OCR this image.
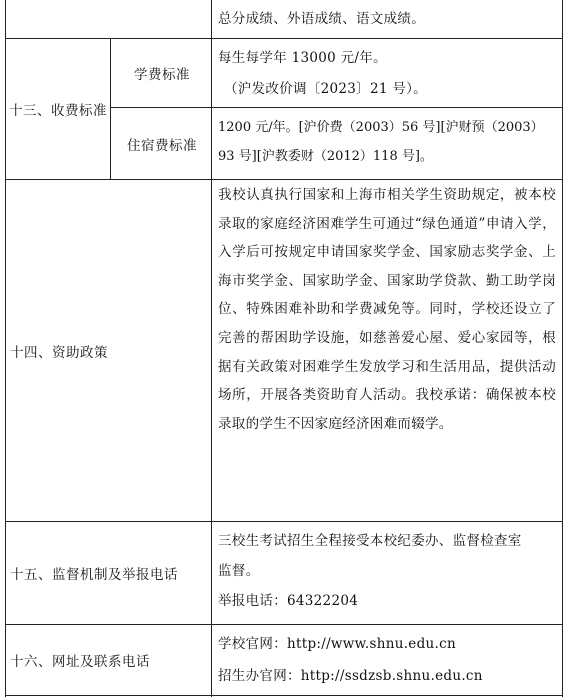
总分成绩、外语成绩、语文成绩。

十三、收费标准
学费标准

每生每学年 13000 元/年。

（沪发改价调〔2023〕21 号）。

住宿费标准

1200 元/年。[沪价费（2003）56 号][沪财预（2003）

93 号][沪教委财（2012）118 号]。

十四、资助政策

我校认真执行国家和上海市相关学生资助规定，被本校录取的家庭经济困难学生可通过“绿色通道”申请入学，入学后可按规定申请国家奖学金、国家励志奖学金、上海市奖学金、国家助学金、国家助学贷款、勤工助学岗位、特殊困难补助和学费减免等。同时，学校还设立了完善的帮困助学设施，如慈善爱心屋、爱心家园等，根据有关政策对困难学生发放学习和生活用品，提供活动场所，开展各类资助育人活动。我校承诺：确保被本校录取的学生不因家庭经济困难而辍学。

十五、监督机制及举报电话

三校生考试招生全程接受本校纪委办、监督检查室

监督。

举报电话：64322204

十六、网址及联系电话

学校官网：http://www.shnu.edu.cn

招生办官网：http://ssdzsb.shnu.edu.cn
